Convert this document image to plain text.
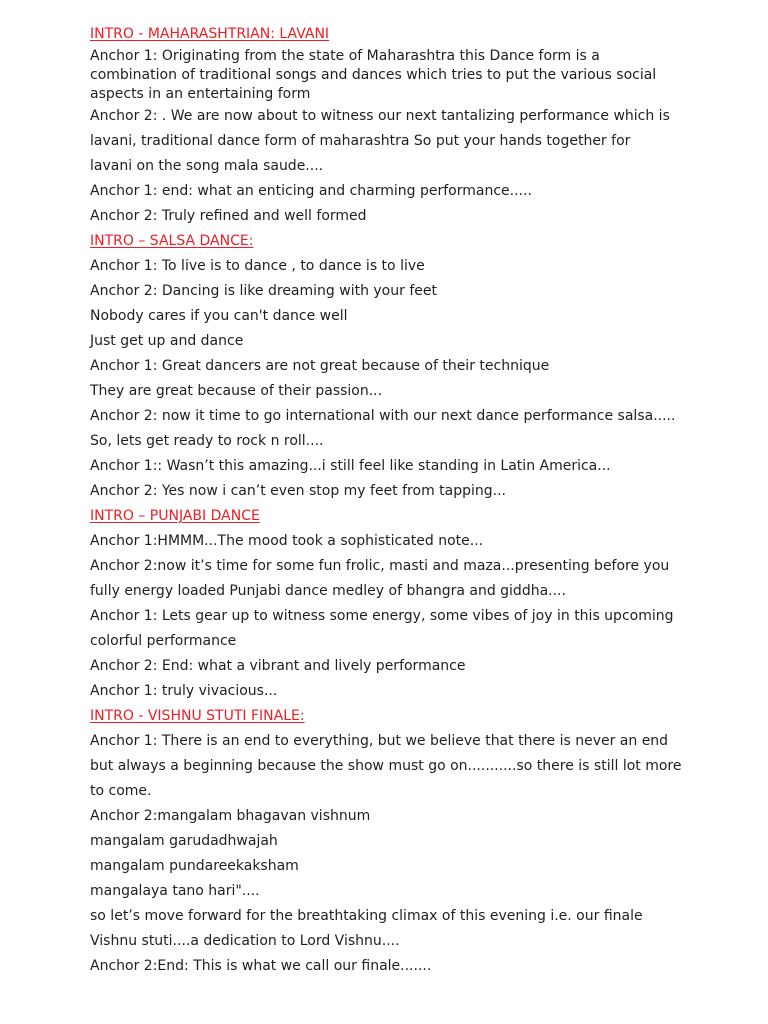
INTRO - MAHARASHTRIAN: LAVANI
Anchor 1: Originating from the state of Maharashtra this Dance form is a
combination of traditional songs and dances which tries to put the various social
aspects in an entertaining form
Anchor 2: . We are now about to witness our next tantalizing performance which is
lavani, traditional dance form of maharashtra So put your hands together for
lavani on the song mala saude....
Anchor 1: end: what an enticing and charming performance.....
Anchor 2: Truly refined and well formed
INTRO – SALSA DANCE:
Anchor 1: To live is to dance , to dance is to live
Anchor 2: Dancing is like dreaming with your feet
Nobody cares if you can't dance well
Just get up and dance
Anchor 1: Great dancers are not great because of their technique
They are great because of their passion...
Anchor 2: now it time to go international with our next dance performance salsa.....
So, lets get ready to rock n roll....
Anchor 1:: Wasn’t this amazing...i still feel like standing in Latin America...
Anchor 2: Yes now i can’t even stop my feet from tapping...
INTRO – PUNJABI DANCE
Anchor 1:HMMM...The mood took a sophisticated note...
Anchor 2:now it’s time for some fun frolic, masti and maza...presenting before you
fully energy loaded Punjabi dance medley of bhangra and giddha....
Anchor 1: Lets gear up to witness some energy, some vibes of joy in this upcoming
colorful performance
Anchor 2: End: what a vibrant and lively performance
Anchor 1: truly vivacious...
INTRO - VISHNU STUTI FINALE:
Anchor 1: There is an end to everything, but we believe that there is never an end
but always a beginning because the show must go on...........so there is still lot more
to come.
Anchor 2:mangalam bhagavan vishnum
mangalam garudadhwajah
mangalam pundareekaksham
mangalaya tano hari"....
so let’s move forward for the breathtaking climax of this evening i.e. our finale
Vishnu stuti....a dedication to Lord Vishnu....
Anchor 2:End: This is what we call our finale.......
